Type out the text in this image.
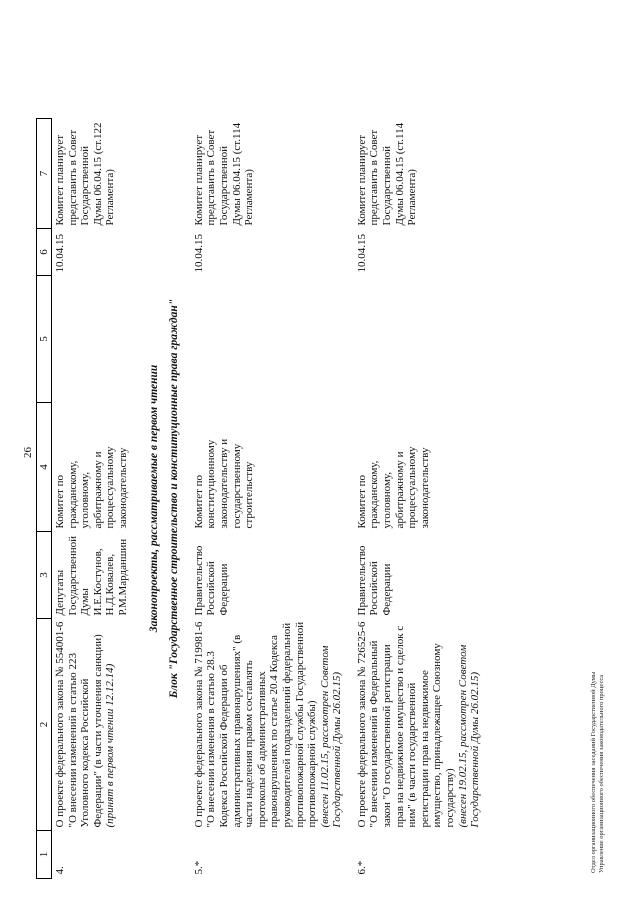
26
1	2	3	4	5	6	7
4.	О проекте федерального закона № 554001-6
"О внесении изменений в статью 223 Уголовного кодекса Российской Федерации" (в части уточнения санкции)
(принят в первом чтении 12.12.14)	Депутаты Государственной Думы И.Е.Костунов, Н.Д.Ковалев, Р.М.Марданшин	Комитет по гражданскому, уголовному, арбитражному и процессуальному законодательству		10.04.15	Комитет планирует представить в Совет Государственной Думы 06.04.15 (ст.122 Регламента)
Законопроекты, рассматриваемые в первом чтении						
Блок "Государственное строительство и конституционные права граждан"						
5.*	О проекте федерального закона № 719981-6
"О внесении изменения в статью 28.3 Кодекса Российской Федерации об административных правонарушениях" (в части наделения правом составлять протоколы об административных правонарушениях по статье 20.4 Кодекса руководителей подразделений федеральной противопожарной службы Государственной противопожарной службы)
(внесен 11.02.15, рассмотрен Советом Государственной Думы 26.02.15)	Правительство Российской Федерации	Комитет по конституционному законодательству и государственному строительству		10.04.15	Комитет планирует представить в Совет Государственной Думы 06.04.15 (ст.114 Регламента)
6.*	О проекте федерального закона № 726525-6
"О внесении изменений в Федеральный закон "О государственной регистрации прав на недвижимое имущество и сделок с ним" (в части государственной регистрации прав на недвижимое имущество, принадлежащее Союзному государству)
(внесен 19.02.15, рассмотрен Советом Государственной Думы 26.02.15)	Правительство Российской Федерации	Комитет по гражданскому, уголовному, арбитражному и процессуальному законодательству		10.04.15	Комитет планирует представить в Совет Государственной Думы 06.04.15 (ст.114 Регламента)
Отдел организационного обеспечения заседаний Государственной Думы Управление организационного обеспечения законодательного процесса
